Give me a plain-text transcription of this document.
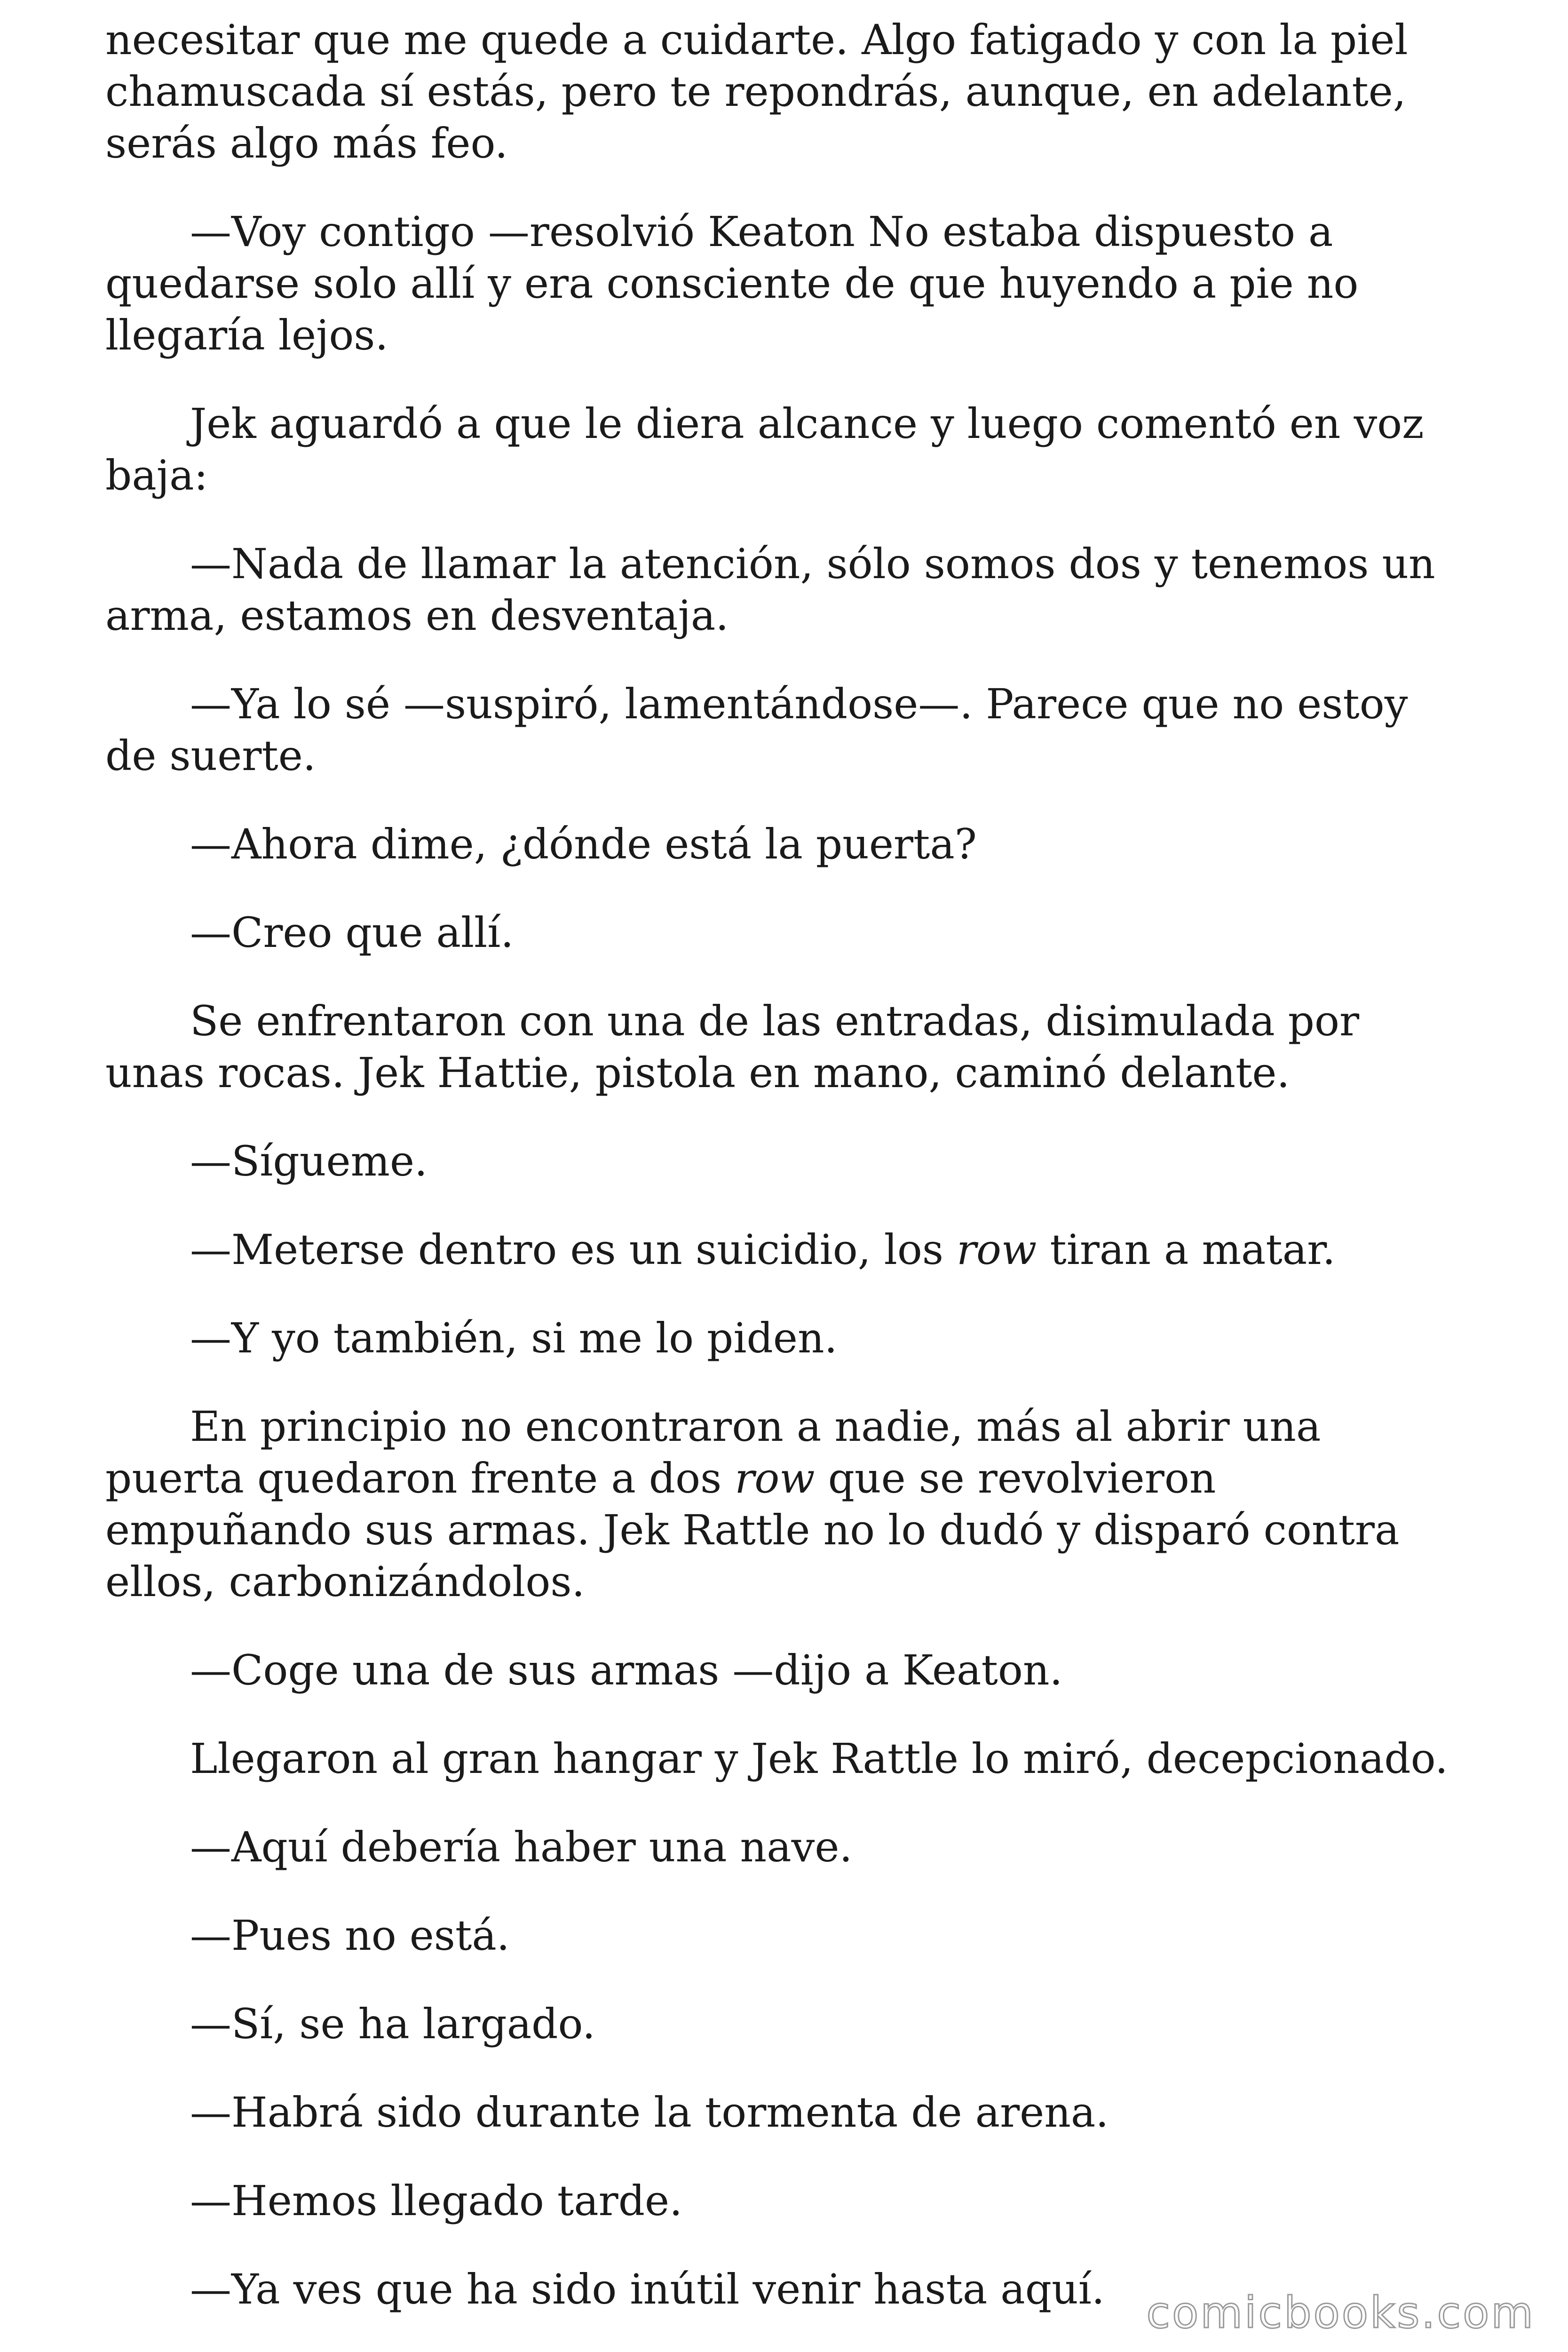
necesitar que me quede a cuidarte. Algo fatigado y con la piel chamuscada sí estás, pero te repondrás, aunque, en adelante, serás algo más feo.

—Voy contigo —resolvió Keaton No estaba dispuesto a quedarse solo allí y era consciente de que huyendo a pie no llegaría lejos.

Jek aguardó a que le diera alcance y luego comentó en voz baja:

—Nada de llamar la atención, sólo somos dos y tenemos un arma, estamos en desventaja.

—Ya lo sé —suspiró, lamentándose—. Parece que no estoy de suerte.

—Ahora dime, ¿dónde está la puerta?

—Creo que allí.

Se enfrentaron con una de las entradas, disimulada por unas rocas. Jek Hattie, pistola en mano, caminó delante.

—Sígueme.

—Meterse dentro es un suicidio, los row tiran a matar.

—Y yo también, si me lo piden.

En principio no encontraron a nadie, más al abrir una puerta quedaron frente a dos row que se revolvieron empuñando sus armas. Jek Rattle no lo dudó y disparó contra ellos, carbonizándolos.

—Coge una de sus armas —dijo a Keaton.

Llegaron al gran hangar y Jek Rattle lo miró, decepcionado.

—Aquí debería haber una nave.

—Pues no está.

—Sí, se ha largado.

—Habrá sido durante la tormenta de arena.

—Hemos llegado tarde.

—Ya ves que ha sido inútil venir hasta aquí. comicbooks.com
